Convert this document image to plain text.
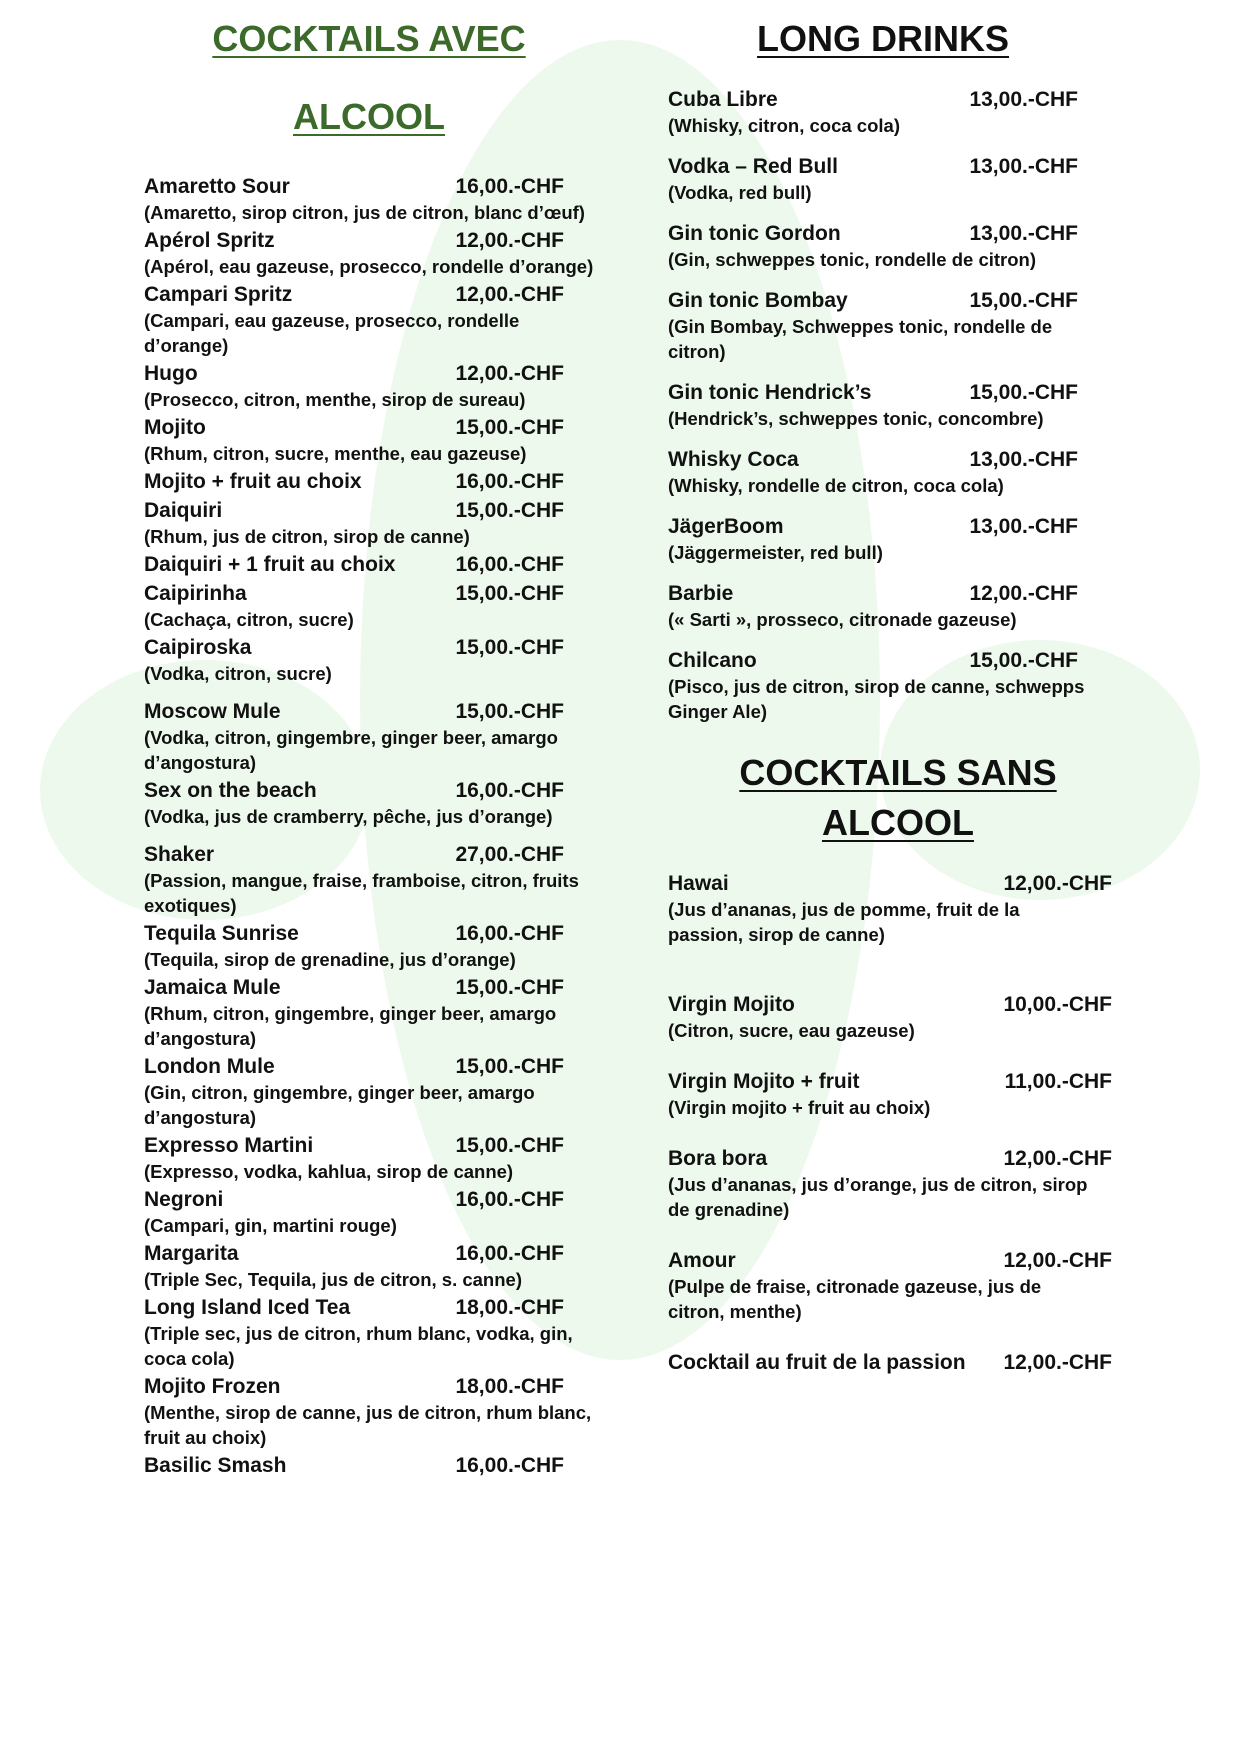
COCKTAILS AVEC
ALCOOL
Amaretto Sour	16,00.-CHF
(Amaretto, sirop citron, jus de citron, blanc d’œuf)
Apérol Spritz	12,00.-CHF
(Apérol, eau gazeuse, prosecco, rondelle d’orange)
Campari Spritz	12,00.-CHF
(Campari, eau gazeuse, prosecco, rondelle d’orange)
Hugo	12,00.-CHF
(Prosecco, citron, menthe, sirop de sureau)
Mojito	15,00.-CHF
(Rhum, citron, sucre, menthe, eau gazeuse)
Mojito + fruit au choix	16,00.-CHF
Daiquiri	15,00.-CHF
(Rhum, jus de citron, sirop de canne)
Daiquiri + 1 fruit au choix	16,00.-CHF
Caipirinha	15,00.-CHF
(Cachaça, citron, sucre)
Caipiroska	15,00.-CHF
(Vodka, citron, sucre)
Moscow Mule	15,00.-CHF
(Vodka, citron, gingembre, ginger beer, amargo d’angostura)
Sex on the beach	16,00.-CHF
(Vodka, jus de cramberry, pêche, jus d’orange)
Shaker	27,00.-CHF
(Passion, mangue, fraise, framboise, citron, fruits exotiques)
Tequila Sunrise	16,00.-CHF
(Tequila, sirop de grenadine, jus d’orange)
Jamaica Mule	15,00.-CHF
(Rhum, citron, gingembre, ginger beer, amargo d’angostura)
London Mule	15,00.-CHF
(Gin, citron, gingembre, ginger beer, amargo d’angostura)
Expresso Martini	15,00.-CHF
(Expresso, vodka, kahlua, sirop de canne)
Negroni	16,00.-CHF
(Campari, gin, martini rouge)
Margarita	16,00.-CHF
(Triple Sec, Tequila, jus de citron, s. canne)
Long Island Iced Tea	18,00.-CHF
(Triple sec, jus de citron, rhum blanc, vodka, gin, coca cola)
Mojito Frozen	18,00.-CHF
(Menthe, sirop de canne, jus de citron, rhum blanc, fruit au choix)
Basilic Smash	16,00.-CHF
LONG DRINKS
Cuba Libre	13,00.-CHF
(Whisky, citron, coca cola)
Vodka – Red Bull	13,00.-CHF
(Vodka, red bull)
Gin tonic Gordon	13,00.-CHF
(Gin, schweppes tonic, rondelle de citron)
Gin tonic Bombay	15,00.-CHF
(Gin Bombay, Schweppes tonic, rondelle de citron)
Gin tonic Hendrick’s	15,00.-CHF
(Hendrick’s, schweppes tonic, concombre)
Whisky Coca	13,00.-CHF
(Whisky, rondelle de citron, coca cola)
JägerBoom	13,00.-CHF
(Jäggermeister, red bull)
Barbie	12,00.-CHF
(« Sarti », prosseco, citronade gazeuse)
Chilcano	15,00.-CHF
(Pisco, jus de citron, sirop de canne, schwepps Ginger Ale)
COCKTAILS SANS ALCOOL
Hawai	12,00.-CHF
(Jus d’ananas, jus de pomme, fruit de la passion, sirop de canne)
Virgin Mojito	10,00.-CHF
(Citron, sucre, eau gazeuse)
Virgin Mojito + fruit	11,00.-CHF
(Virgin mojito + fruit au choix)
Bora bora	12,00.-CHF
(Jus d’ananas, jus d’orange, jus de citron, sirop de grenadine)
Amour	12,00.-CHF
(Pulpe de fraise, citronade gazeuse, jus de citron, menthe)
Cocktail au fruit de la passion 12,00.-CHF
